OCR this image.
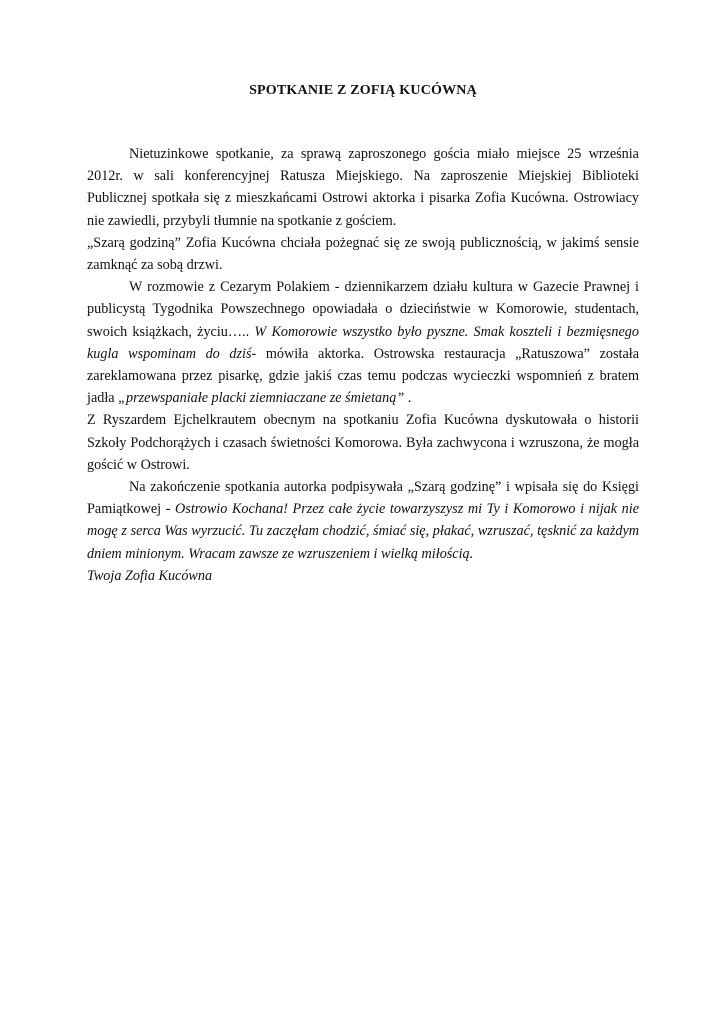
SPOTKANIE Z ZOFIĄ KUCÓWNĄ

Nietuzinkowe spotkanie, za sprawą zaproszonego gościa miało miejsce 25 września 2012r. w sali konferencyjnej Ratusza Miejskiego. Na zaproszenie Miejskiej Biblioteki Publicznej spotkała się z mieszkańcami Ostrowi aktorka i pisarka Zofia Kucówna. Ostrowiacy nie zawiedli, przybyli tłumnie na spotkanie z gościem.

„Szarą godziną” Zofia Kucówna chciała pożegnać się ze swoją publicznością, w jakimś sensie zamknąć za sobą drzwi.

W rozmowie z Cezarym Polakiem - dziennikarzem działu kultura w Gazecie Prawnej i publicystą Tygodnika Powszechnego opowiadała o dzieciństwie w Komorowie, studentach, swoich książkach, życiu….. W Komorowie wszystko było pyszne. Smak koszteli i bezmięsnego kugla wspominam do dziś- mówiła aktorka. Ostrowska restauracja „Ratuszowa” została zareklamowana przez pisarkę, gdzie jakiś czas temu podczas wycieczki wspomnień z bratem jadła „przewspaniałe placki ziemniaczane ze śmietaną” .

Z Ryszardem Ejchelkrautem obecnym na spotkaniu Zofia Kucówna dyskutowała o historii Szkoły Podchorążych i czasach świetności Komorowa. Była zachwycona i wzruszona, że mogła gościć w Ostrowi.

Na zakończenie spotkania autorka podpisywała „Szarą godzinę” i wpisała się do Księgi Pamiątkowej - Ostrowio Kochana! Przez całe życie towarzyszysz mi Ty i Komorowo i nijak nie mogę z serca Was wyrzucić. Tu zaczęłam chodzić, śmiać się, płakać, wzruszać, tęsknić za każdym dniem minionym. Wracam zawsze ze wzruszeniem i wielką miłością.

Twoja Zofia Kucówna
